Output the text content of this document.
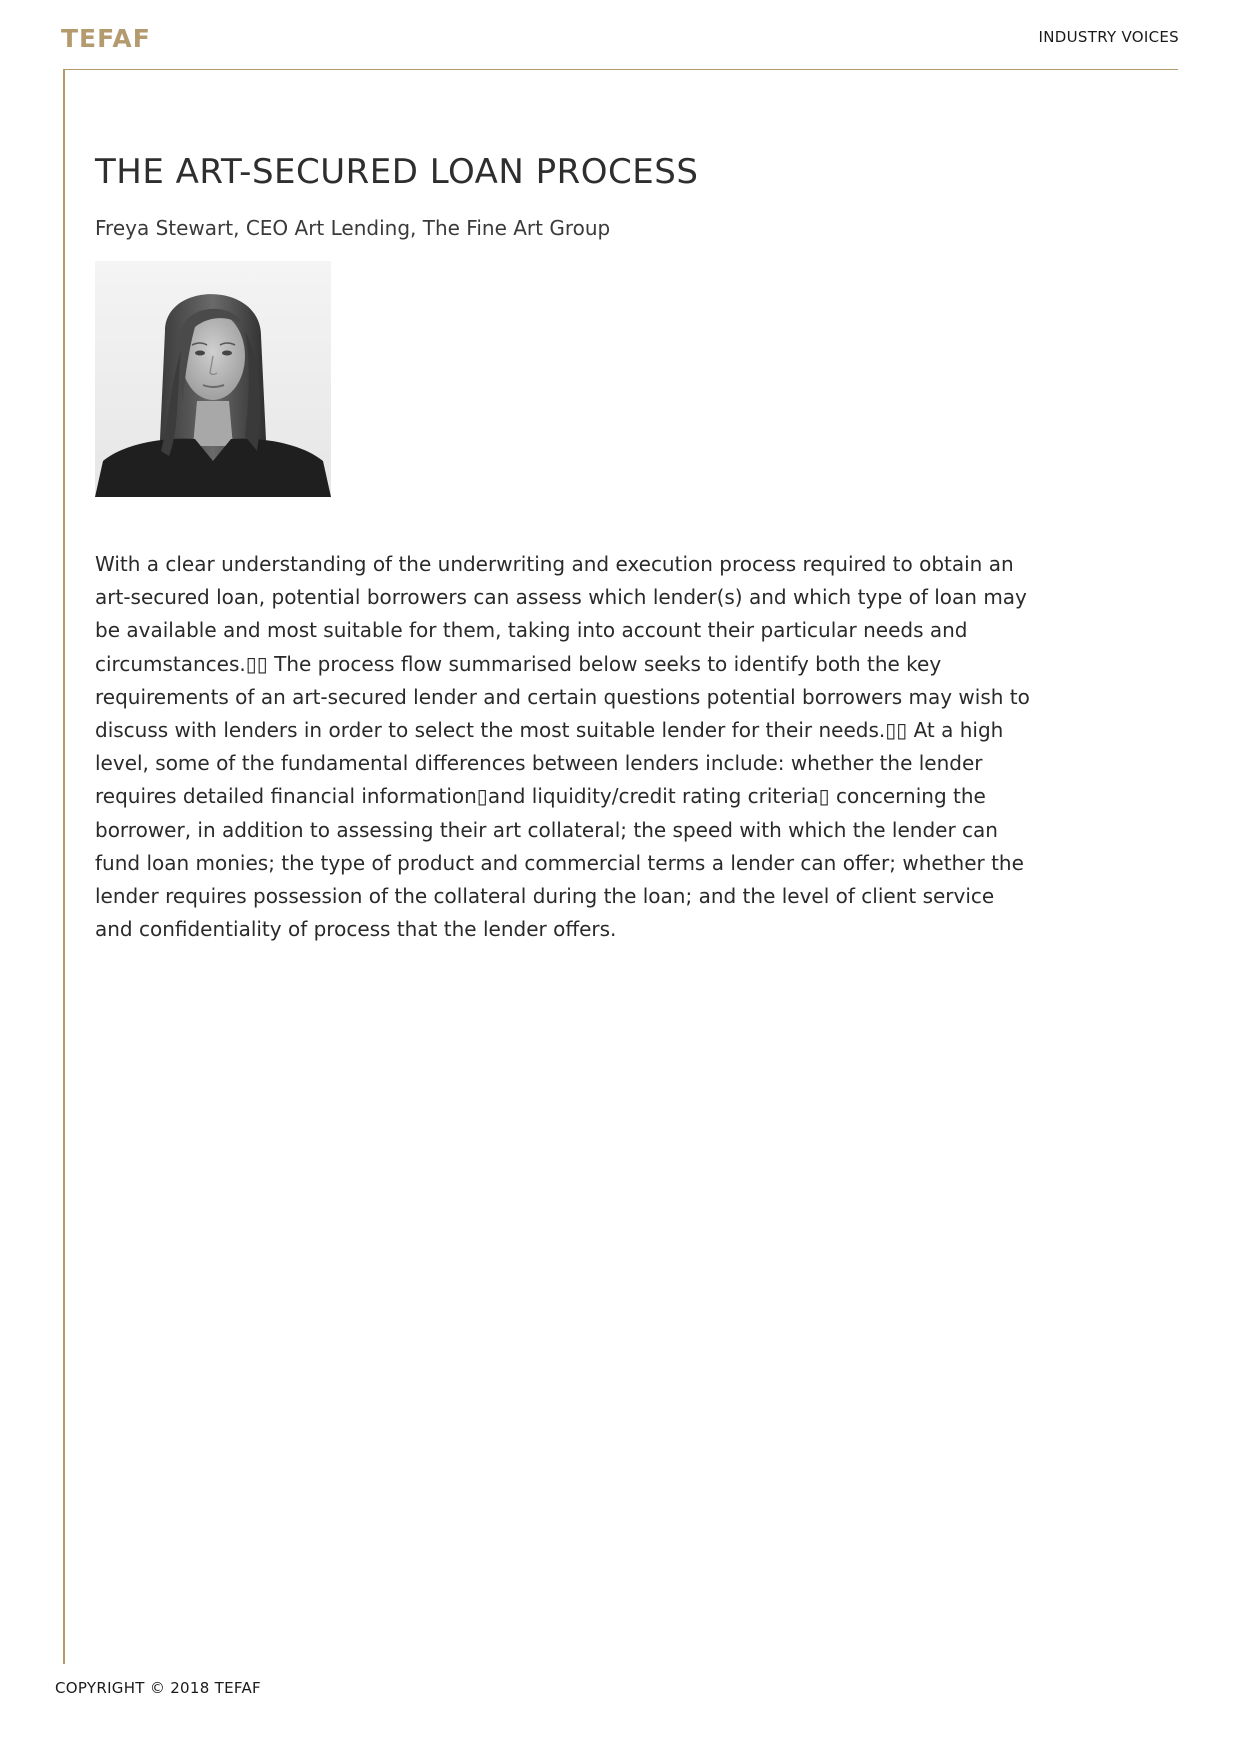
TEFAF	INDUSTRY VOICES
THE ART-SECURED LOAN PROCESS

Freya Stewart, CEO Art Lending, The Fine Art Group

With a clear understanding of the underwriting and execution process required to obtain an art-secured loan, potential borrowers can assess which lender(s) and which type of loan may be available and most suitable for them, taking into account their particular needs and circumstances.▯▯ The process flow summarised below seeks to identify both the key requirements of an art-secured lender and certain questions potential borrowers may wish to discuss with lenders in order to select the most suitable lender for their needs.▯▯ At a high level, some of the fundamental differences between lenders include: whether the lender requires detailed financial information▯and liquidity/credit rating criteria▯ concerning the borrower, in addition to assessing their art collateral; the speed with which the lender can fund loan monies; the type of product and commercial terms a lender can offer; whether the lender requires possession of the collateral during the loan; and the level of client service and confidentiality of process that the lender offers.

COPYRIGHT © 2018 TEFAF
